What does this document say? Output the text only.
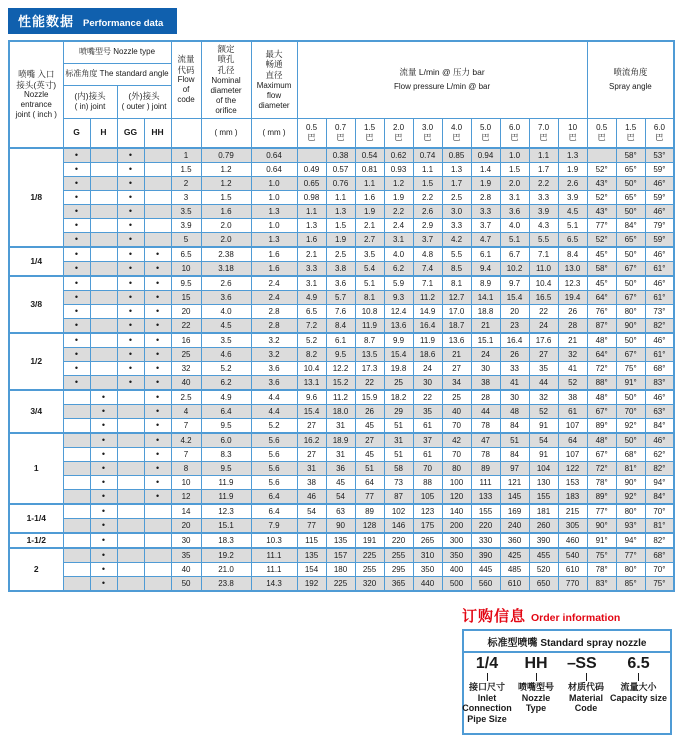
性能数据 Performance data
喷嘴 入口
接头(英寸)
Nozzle
entrance
joint ( inch )
	喷嘴型号 Nozzle type	
流量
代码
Flow
of
code

额定
喷孔
孔径
Nominal
diameter
of the
orifice

最大
畅通
直径
Maximum
flow
diameter

流量 L/min @ 压力 bar
Flow pressure L/min @ bar

喷流角度
Spray angle

	标准角度 The standard angle																			

(内)接头
( in) joint

(外)接头
( outer ) joint

G	H	GG	HH		( mm )	( mm )	
0.5
巴

0.7
巴

1.5
巴

2.0
巴

3.0
巴

4.0
巴

5.0
巴

6.0
巴

7.0
巴

10
巴

0.5
巴

1.5
巴

6.0
巴

1/8	•		•		1	0.79	0.64		0.38	0.54	0.62	0.74	0.85	0.94	1.0	1.1	1.3		58°	53°
	•		•		1.5	1.2	0.64	0.49	0.57	0.81	0.93	1.1	1.3	1.4	1.5	1.7	1.9	52°	65°	59°
	•		•		2	1.2	1.0	0.65	0.76	1.1	1.2	1.5	1.7	1.9	2.0	2.2	2.6	43°	50°	46°
	•		•		3	1.5	1.0	0.98	1.1	1.6	1.9	2.2	2.5	2.8	3.1	3.3	3.9	52°	65°	59°
	•		•		3.5	1.6	1.3	1.1	1.3	1.9	2.2	2.6	3.0	3.3	3.6	3.9	4.5	43°	50°	46°
	•		•		3.9	2.0	1.0	1.3	1.5	2.1	2.4	2.9	3.3	3.7	4.0	4.3	5.1	77°	84°	79°
	•		•		5	2.0	1.3	1.6	1.9	2.7	3.1	3.7	4.2	4.7	5.1	5.5	6.5	52°	65°	59°
1/4	•		•	•	6.5	2.38	1.6	2.1	2.5	3.5	4.0	4.8	5.5	6.1	6.7	7.1	8.4	45°	50°	46°
	•		•	•	10	3.18	1.6	3.3	3.8	5.4	6.2	7.4	8.5	9.4	10.2	11.0	13.0	58°	67°	61°
3/8	•		•	•	9.5	2.6	2.4	3.1	3.6	5.1	5.9	7.1	8.1	8.9	9.7	10.4	12.3	45°	50°	46°
	•		•	•	15	3.6	2.4	4.9	5.7	8.1	9.3	11.2	12.7	14.1	15.4	16.5	19.4	64°	67°	61°
	•		•	•	20	4.0	2.8	6.5	7.6	10.8	12.4	14.9	17.0	18.8	20	22	26	76°	80°	73°
	•		•	•	22	4.5	2.8	7.2	8.4	11.9	13.6	16.4	18.7	21	23	24	28	87°	90°	82°
1/2	•		•	•	16	3.5	3.2	5.2	6.1	8.7	9.9	11.9	13.6	15.1	16.4	17.6	21	48°	50°	46°
	•		•	•	25	4.6	3.2	8.2	9.5	13.5	15.4	18.6	21	24	26	27	32	64°	67°	61°
	•		•	•	32	5.2	3.6	10.4	12.2	17.3	19.8	24	27	30	33	35	41	72°	75°	68°
	•		•	•	40	6.2	3.6	13.1	15.2	22	25	30	34	38	41	44	52	88°	91°	83°
3/4		•		•	2.5	4.9	4.4	9.6	11.2	15.9	18.2	22	25	28	30	32	38	48°	50°	46°
		•		•	4	6.4	4.4	15.4	18.0	26	29	35	40	44	48	52	61	67°	70°	63°
		•		•	7	9.5	5.2	27	31	45	51	61	70	78	84	91	107	89°	92°	84°
1		•		•	4.2	6.0	5.6	16.2	18.9	27	31	37	42	47	51	54	64	48°	50°	46°
		•		•	7	8.3	5.6	27	31	45	51	61	70	78	84	91	107	67°	68°	62°
		•		•	8	9.5	5.6	31	36	51	58	70	80	89	97	104	122	72°	81°	82°
		•		•	10	11.9	5.6	38	45	64	73	88	100	111	121	130	153	78°	90°	94°
		•		•	12	11.9	6.4	46	54	77	87	105	120	133	145	155	183	89°	92°	84°
1-1/4		•			14	12.3	6.4	54	63	89	102	123	140	155	169	181	215	77°	80°	70°
		•			20	15.1	7.9	77	90	128	146	175	200	220	240	260	305	90°	93°	81°
1-1/2		•			30	18.3	10.3	115	135	191	220	265	300	330	360	390	460	91°	94°	82°
2		•			35	19.2	11.1	135	157	225	255	310	350	390	425	455	540	75°	77°	68°
		•			40	21.0	11.1	154	180	255	295	350	400	445	485	520	610	78°	80°	70°
		•			50	23.8	14.3	192	225	320	365	440	500	560	610	650	770	83°	85°	75°
订购信息 Order information
标准型喷嘴 Standard spray nozzle
–
1/4
接口尺寸
Inlet
Connection
Pipe Size
HH
喷嘴型号
Nozzle
Type
SS
材质代码
Material
Code
6.5
流量大小
Capacity size
